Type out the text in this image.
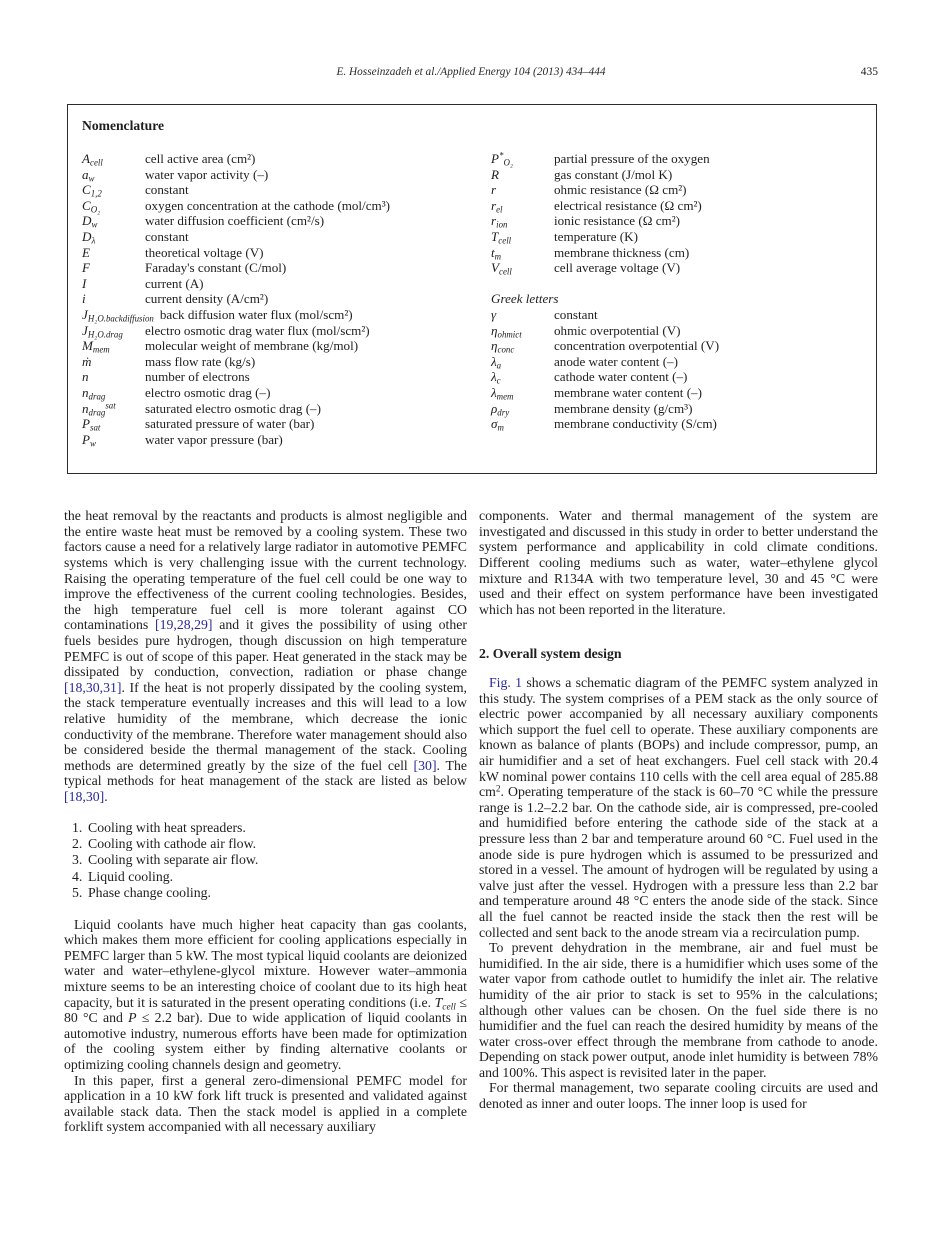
E. Hosseinzadeh et al./Applied Energy 104 (2013) 434–444	435
Nomenclature
$A_{cell}$	cell active area (cm²)
$a_w$	water vapor activity (–)
$C_{1,2}$	constant
$C_{O_2}$	oxygen concentration at the cathode (mol/cm³)
$D_w$	water diffusion coefficient (cm²/s)
$D_\lambda$	constant
E	theoretical voltage (V)
F	Faraday's constant (C/mol)
I	current (A)
i	current density (A/cm²)
$J_{H_2O.backdiffusion}$ back diffusion water flux (mol/scm²)
$J_{H_2O.drag}$	electro osmotic drag water flux (mol/scm²)
$M_{mem}$	molecular weight of membrane (kg/mol)
ṁ	mass flow rate (kg/s)
n	number of electrons
$n_{drag}$	electro osmotic drag (–)
$n_{drag}^{sat}$	saturated electro osmotic drag (–)
$P_{sat}$	saturated pressure of water (bar)
$P_w$	water vapor pressure (bar)
$P^*_{O_2}$	partial pressure of the oxygen
R	gas constant (J/mol K)
r	ohmic resistance (Ω cm²)
$r_{el}$	electrical resistance (Ω cm²)
$r_{ion}$	ionic resistance (Ω cm²)
$T_{cell}$	temperature (K)
$t_m$	membrane thickness (cm)
$V_{cell}$	cell average voltage (V)
Greek letters
γ	constant
$\eta_{ohmict}$	ohmic overpotential (V)
$\eta_{conc}$	concentration overpotential (V)
$\lambda_a$	anode water content (–)
$\lambda_c$	cathode water content (–)
$\lambda_{mem}$	membrane water content (–)
$\rho_{dry}$	membrane density (g/cm³)
$\sigma_m$	membrane conductivity (S/cm)

the heat removal by the reactants and products is almost negligible and the entire waste heat must be removed by a cooling system. These two factors cause a need for a relatively large radiator in automotive PEMFC systems which is very challenging issue with the current technology. Raising the operating temperature of the fuel cell could be one way to improve the effectiveness of the current cooling technologies. Besides, the high temperature fuel cell is more tolerant against CO contaminations [19,28,29] and it gives the possibility of using other fuels besides pure hydrogen, though discussion on high temperature PEMFC is out of scope of this paper. Heat generated in the stack may be dissipated by conduction, convection, radiation or phase change [18,30,31]. If the heat is not properly dissipated by the cooling system, the stack temperature eventually increases and this will lead to a low relative humidity of the membrane, which decrease the ionic conductivity of the membrane. Therefore water management should also be considered beside the thermal management of the stack. Cooling methods are determined greatly by the size of the fuel cell [30]. The typical methods for heat management of the stack are listed as below [18,30].

1. Cooling with heat spreaders.
2. Cooling with cathode air flow.
3. Cooling with separate air flow.
4. Liquid cooling.
5. Phase change cooling.

Liquid coolants have much higher heat capacity than gas coolants, which makes them more efficient for cooling applications especially in PEMFC larger than 5 kW. The most typical liquid coolants are deionized water and water–ethylene-glycol mixture. However water–ammonia mixture seems to be an interesting choice of coolant due to its high heat capacity, but it is saturated in the present operating conditions (i.e. $T_{cell} \le 80$ °C and P ≤ 2.2 bar). Due to wide application of liquid coolants in automotive industry, numerous efforts have been made for optimization of the cooling system either by finding alternative coolants or optimizing cooling channels design and geometry.

In this paper, first a general zero-dimensional PEMFC model for application in a 10 kW fork lift truck is presented and validated against available stack data. Then the stack model is applied in a complete forklift system accompanied with all necessary auxiliary

components. Water and thermal management of the system are investigated and discussed in this study in order to better understand the system performance and applicability in cold climate conditions. Different cooling mediums such as water, water–ethylene glycol mixture and R134A with two temperature level, 30 and 45 °C were used and their effect on system performance have been investigated which has not been reported in the literature.

2. Overall system design

Fig. 1 shows a schematic diagram of the PEMFC system analyzed in this study. The system comprises of a PEM stack as the only source of electric power accompanied by all necessary auxiliary components which support the fuel cell to operate. These auxiliary components are known as balance of plants (BOPs) and include compressor, pump, an air humidifier and a set of heat exchangers. Fuel cell stack with 20.4 kW nominal power contains 110 cells with the cell area equal of 285.88 $cm^2$. Operating temperature of the stack is 60–70 °C while the pressure range is 1.2–2.2 bar. On the cathode side, air is compressed, pre-cooled and humidified before entering the cathode side of the stack at a pressure less than 2 bar and temperature around 60 °C. Fuel used in the anode side is pure hydrogen which is assumed to be pressurized and stored in a vessel. The amount of hydrogen will be regulated by using a valve just after the vessel. Hydrogen with a pressure less than 2.2 bar and temperature around 48 °C enters the anode side of the stack. Since all the fuel cannot be reacted inside the stack then the rest will be collected and sent back to the anode stream via a recirculation pump.

To prevent dehydration in the membrane, air and fuel must be humidified. In the air side, there is a humidifier which uses some of the water vapor from cathode outlet to humidify the inlet air. The relative humidity of the air prior to stack is set to 95% in the calculations; although other values can be chosen. On the fuel side there is no humidifier and the fuel can reach the desired humidity by means of the water cross-over effect through the membrane from cathode to anode. Depending on stack power output, anode inlet humidity is between 78% and 100%. This aspect is revisited later in the paper.

For thermal management, two separate cooling circuits are used and denoted as inner and outer loops. The inner loop is used for
